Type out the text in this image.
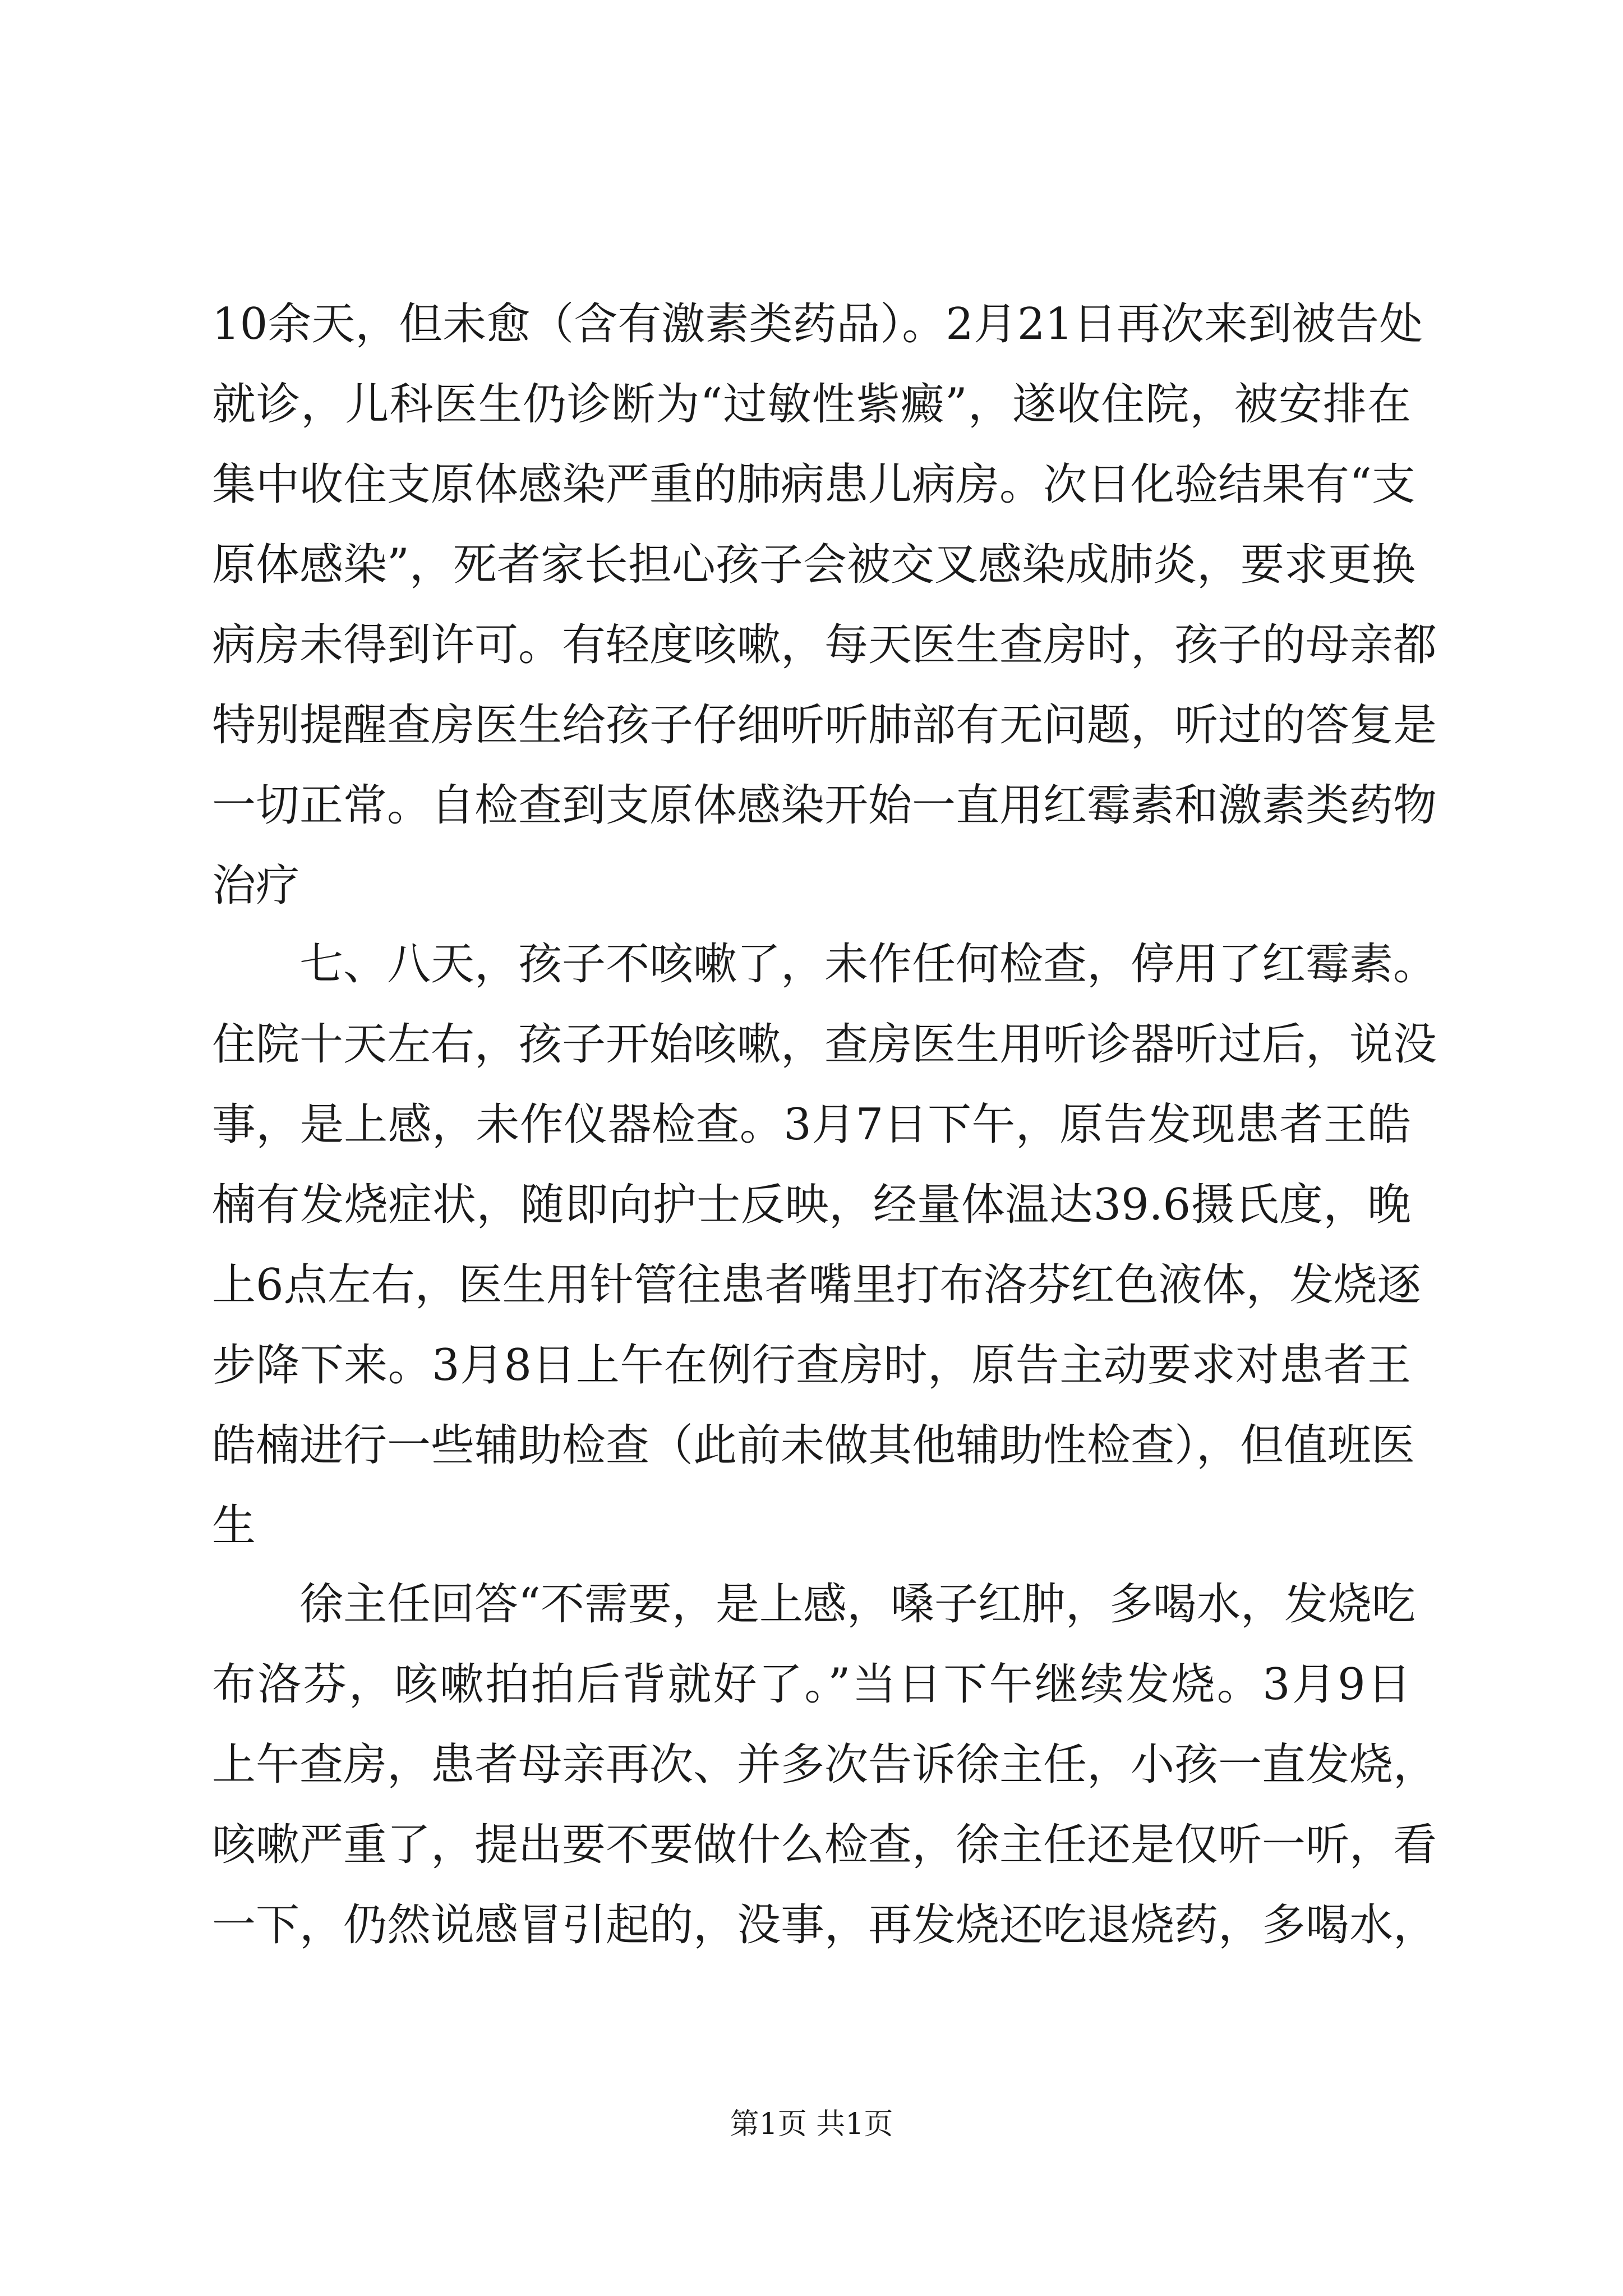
10余天，但未愈（含有激素类药品）。2月21日再次来到被告处
就诊，儿科医生仍诊断为“过敏性紫癜”，遂收住院，被安排在
集中收住支原体感染严重的肺病患儿病房。次日化验结果有“支
原体感染”，死者家长担心孩子会被交叉感染成肺炎，要求更换
病房未得到许可。有轻度咳嗽，每天医生查房时，孩子的母亲都
特别提醒查房医生给孩子仔细听听肺部有无问题，听过的答复是
一切正常。自检查到支原体感染开始一直用红霉素和激素类药物
治疗
七、八天，孩子不咳嗽了，未作任何检查，停用了红霉素。
住院十天左右，孩子开始咳嗽，查房医生用听诊器听过后，说没
事，是上感，未作仪器检查。3月7日下午，原告发现患者王皓
楠有发烧症状，随即向护士反映，经量体温达39.6摄氏度，晚
上6点左右，医生用针管往患者嘴里打布洛芬红色液体，发烧逐
步降下来。3月8日上午在例行查房时，原告主动要求对患者王
皓楠进行一些辅助检查（此前未做其他辅助性检查），但值班医
生
徐主任回答“不需要，是上感，嗓子红肿，多喝水，发烧吃
布洛芬，咳嗽拍拍后背就好了。”当日下午继续发烧。3月9日
上午查房，患者母亲再次、并多次告诉徐主任，小孩一直发烧，
咳嗽严重了，提出要不要做什么检查，徐主任还是仅听一听，看
一下，仍然说感冒引起的，没事，再发烧还吃退烧药，多喝水，
第1页 共1页
